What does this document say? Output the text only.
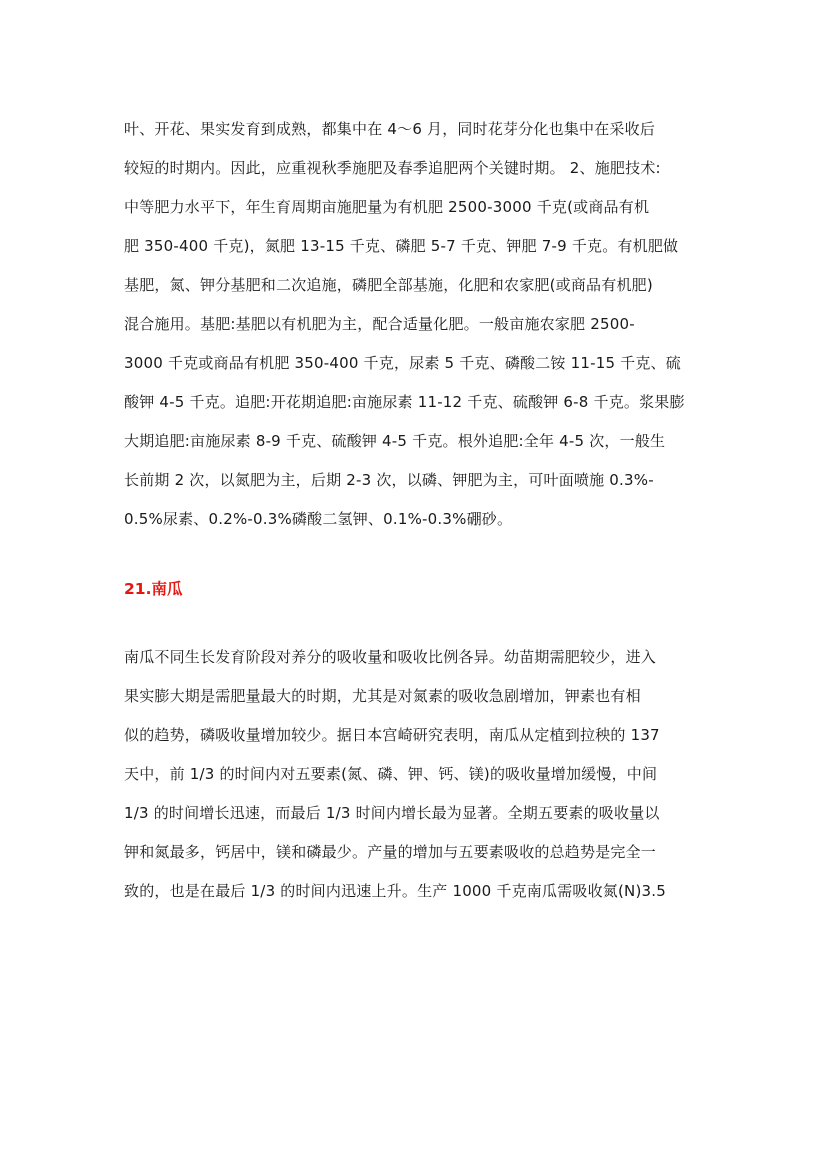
叶、开花、果实发育到成熟，都集中在 4～6 月，同时花芽分化也集中在采收后
较短的时期内。因此，应重视秋季施肥及春季追肥两个关键时期。 2、施肥技术:
中等肥力水平下，年生育周期亩施肥量为有机肥 2500-3000 千克(或商品有机
肥 350-400 千克)，氮肥 13-15 千克、磷肥 5-7 千克、钾肥 7-9 千克。有机肥做
基肥，氮、钾分基肥和二次追施，磷肥全部基施，化肥和农家肥(或商品有机肥)
混合施用。基肥:基肥以有机肥为主，配合适量化肥。一般亩施农家肥 2500-
3000 千克或商品有机肥 350-400 千克，尿素 5 千克、磷酸二铵 11-15 千克、硫
酸钾 4-5 千克。追肥:开花期追肥:亩施尿素 11-12 千克、硫酸钾 6-8 千克。浆果膨
大期追肥:亩施尿素 8-9 千克、硫酸钾 4-5 千克。根外追肥:全年 4-5 次，一般生
长前期 2 次，以氮肥为主，后期 2-3 次，以磷、钾肥为主，可叶面喷施 0.3%-
0.5%尿素、0.2%-0.3%磷酸二氢钾、0.1%-0.3%硼砂。
21.南瓜
南瓜不同生长发育阶段对养分的吸收量和吸收比例各异。幼苗期需肥较少，进入
果实膨大期是需肥量最大的时期，尤其是对氮素的吸收急剧增加，钾素也有相
似的趋势，磷吸收量增加较少。据日本宫崎研究表明，南瓜从定植到拉秧的 137
天中，前 1/3 的时间内对五要素(氮、磷、钾、钙、镁)的吸收量增加缓慢，中间
1/3 的时间增长迅速，而最后 1/3 时间内增长最为显著。全期五要素的吸收量以
钾和氮最多，钙居中，镁和磷最少。产量的增加与五要素吸收的总趋势是完全一
致的，也是在最后 1/3 的时间内迅速上升。生产 1000 千克南瓜需吸收氮(N)3.5
